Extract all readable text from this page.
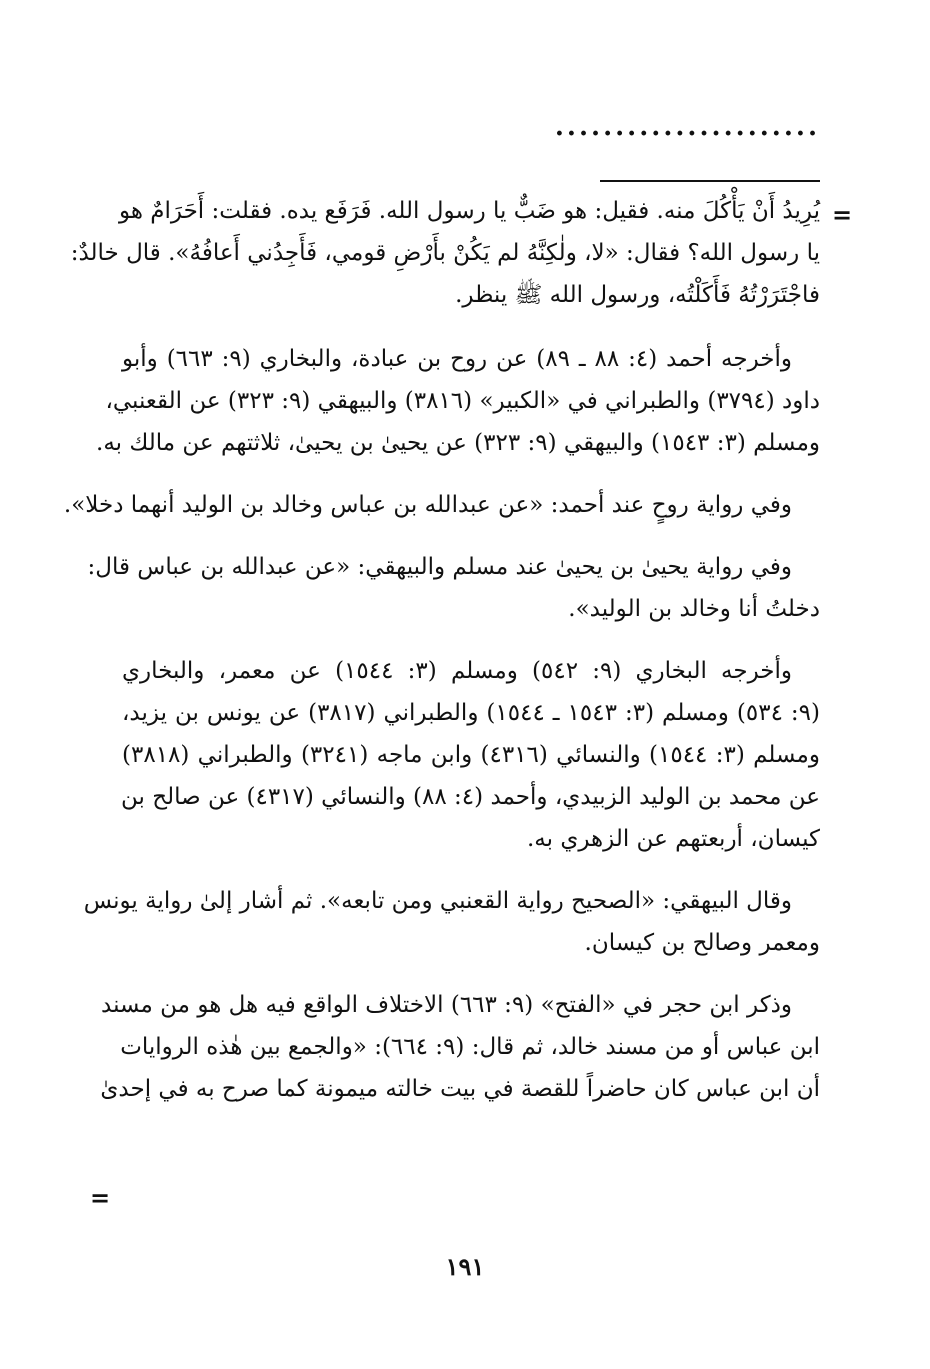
......................
=

يُرِيدُ أَنْ يَأْكُلَ منه. فقيل: هو ضَبٌّ يا رسول الله. فَرَفَع يده. فقلت: أَحَرَامٌ هو
يا رسول الله؟ فقال: «لا، ولٰكِنَّهُ لم يَكُنْ بأَرْضِ قومي، فَأَجِدُني أَعافُهُ». قال خالدٌ:
فاجْتَرَرْتُهُ فَأَكَلْتُه، ورسول الله ﷺ ينظر.

وأخرجه أحمد (٤: ٨٨ ـ ٨٩) عن روح بن عبادة، والبخاري (٩: ٦٦٣) وأبو
داود (٣٧٩٤) والطبراني في «الكبير» (٣٨١٦) والبيهقي (٩: ٣٢٣) عن القعنبي،
ومسلم (٣: ١٥٤٣) والبيهقي (٩: ٣٢٣) عن يحيىٰ بن يحيىٰ، ثلاثتهم عن مالك به.

وفي رواية روحٍ عند أحمد: «عن عبدالله بن عباس وخالد بن الوليد أنهما دخلا».

وفي رواية يحيىٰ بن يحيىٰ عند مسلم والبيهقي: «عن عبدالله بن عباس قال:
دخلتُ أنا وخالد بن الوليد».

وأخرجه البخاري (٩: ٥٤٢) ومسلم (٣: ١٥٤٤) عن معمر، والبخاري
(٩: ٥٣٤) ومسلم (٣: ١٥٤٣ ـ ١٥٤٤) والطبراني (٣٨١٧) عن يونس بن يزيد،
ومسلم (٣: ١٥٤٤) والنسائي (٤٣١٦) وابن ماجه (٣٢٤١) والطبراني (٣٨١٨)
عن محمد بن الوليد الزبيدي، وأحمد (٤: ٨٨) والنسائي (٤٣١٧) عن صالح بن
كيسان، أربعتهم عن الزهري به.

وقال البيهقي: «الصحيح رواية القعنبي ومن تابعه». ثم أشار إلىٰ رواية يونس
ومعمر وصالح بن كيسان.

وذكر ابن حجر في «الفتح» (٩: ٦٦٣) الاختلاف الواقع فيه هل هو من مسند
ابن عباس أو من مسند خالد، ثم قال: (٩: ٦٦٤): «والجمع بين هٰذه الروايات
أن ابن عباس كان حاضراً للقصة في بيت خالته ميمونة كما صرح به في إحدىٰ

=
١٩١
